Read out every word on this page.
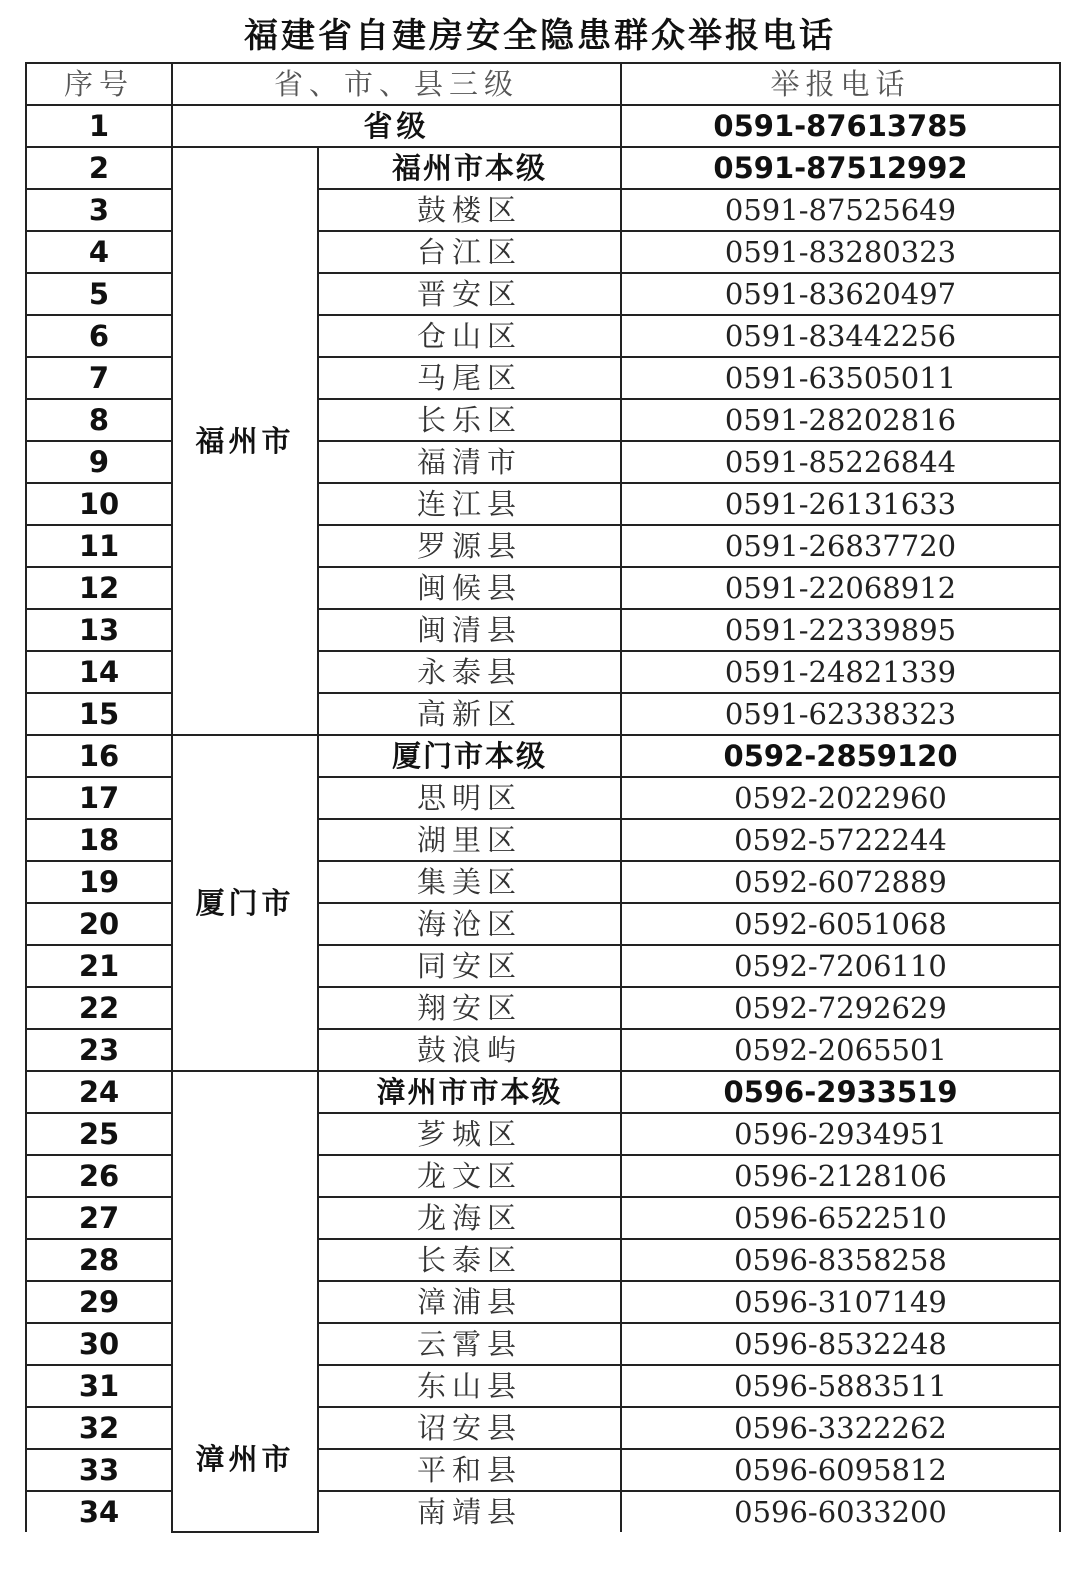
福建省自建房安全隐患群众举报电话
序号	省、市、县三级		举报电话
1	省级		0591-87613785
2	福州市	福州市本级	0591-87512992
3		鼓楼区	0591-87525649
4		台江区	0591-83280323
5		晋安区	0591-83620497
6		仓山区	0591-83442256
7		马尾区	0591-63505011
8		长乐区	0591-28202816
9		福清市	0591-85226844
10		连江县	0591-26131633
11		罗源县	0591-26837720
12		闽候县	0591-22068912
13		闽清县	0591-22339895
14		永泰县	0591-24821339
15		高新区	0591-62338323
16	厦门市	厦门市本级	0592-2859120
17		思明区	0592-2022960
18		湖里区	0592-5722244
19		集美区	0592-6072889
20		海沧区	0592-6051068
21		同安区	0592-7206110
22		翔安区	0592-7292629
23		鼓浪屿	0592-2065501
24	漳州市	漳州市市本级	0596-2933519
25		芗城区	0596-2934951
26		龙文区	0596-2128106
27		龙海区	0596-6522510
28		长泰区	0596-8358258
29		漳浦县	0596-3107149
30		云霄县	0596-8532248
31		东山县	0596-5883511
32		诏安县	0596-3322262
33		平和县	0596-6095812
34		南靖县	0596-6033200
